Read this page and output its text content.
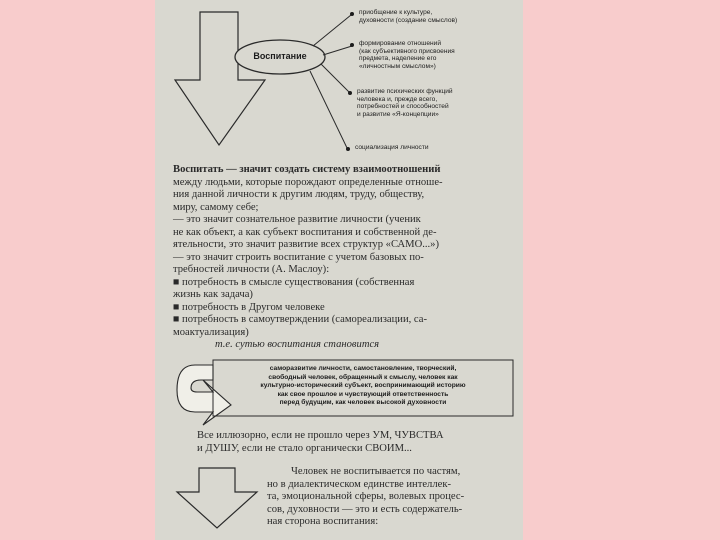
Воспитание
приобщение к культуре,
духовности (создание смыслов)
формирование отношений
(как субъективного присвоения
предмета, наделение его
«личностным смыслом»)
развитие психических функций
человека и, прежде всего,
потребностей и способностей
и развитие «Я-концепции»
социализация личности
Воспитать — значит создать систему взаимоотношений
между людьми, которые порождают определенные отноше-
ния данной личности к другим людям, труду, обществу,
миру, самому себе;
— это значит сознательное развитие личности (ученик
не как объект, а как субъект воспитания и собственной де-
ятельности, это значит развитие всех структур «САМО...»)
— это значит строить воспитание с учетом базовых по-
требностей личности (А. Маслоу):
■ потребность в смысле существования (собственная
жизнь как задача)
■ потребность в Другом человеке
■ потребность в самоутверждении (самореализации, са-
моактуализация)
т.е. сутью воспитания становится
саморазвитие личности, самостановление, творческий,
свободный человек, обращенный к смыслу, человек как
культурно-исторический субъект, воспринимающий историю
как свое прошлое и чувствующий ответственность
перед будущим, как человек высокой духовности
Все иллюзорно, если не прошло через УМ, ЧУВСТВА
и ДУШУ, если не стало органически СВОИМ...
Человек не воспитывается по частям,
но в диалектическом единстве интеллек-
та, эмоциональной сферы, волевых процес-
сов, духовности — это и есть содержатель-
ная сторона воспитания:
